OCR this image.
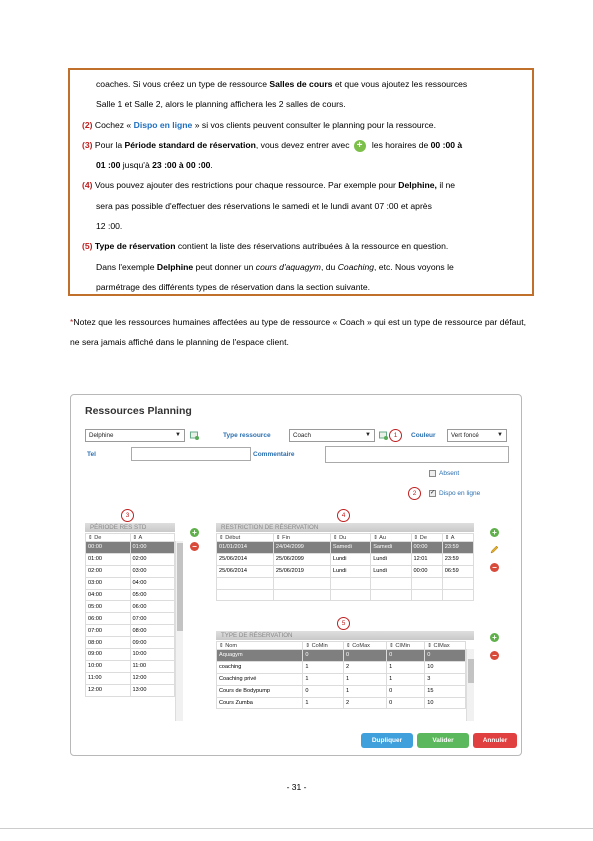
coaches. Si vous créez un type de ressource Salles de cours et que vous ajoutez les ressources

Salle 1 et Salle 2, alors le planning affichera les 2 salles de cours.

(2) Cochez « Dispo en ligne » si vos clients peuvent consulter le planning pour la ressource.

(3) Pour la Période standard de réservation, vous devez entrer avec + les horaires de 00 :00 à

01 :00 jusqu'à 23 :00 à 00 :00.

(4) Vous pouvez ajouter des restrictions pour chaque ressource. Par exemple pour Delphine, il ne

sera pas possible d'effectuer des réservations le samedi et le lundi avant 07 :00 et après

12 :00.

(5) Type de réservation contient la liste des réservations autribuées à la ressource en question.

Dans l'exemple Delphine peut donner un cours d'aquagym, du Coaching, etc. Nous voyons le

parmétrage des différents types de réservation dans la section suivante.

*Notez que les ressources humaines affectées au type de ressource « Coach » qui est un type de ressource par défaut, ne sera jamais affiché dans le planning de l'espace client.
Ressources Planning
Delphine	▼	Type ressource	Coach	▼	1	Couleur	Vert foncé	▼
Tel	Commentaire
Absent
2	✓ Dispo en ligne
3	4
PÉRIODE RES STD
⇕ De	⇕ A
00:00	01:00
01:00	02:00
02:00	03:00
03:00	04:00
04:00	05:00
05:00	06:00
06:00	07:00
07:00	08:00
08:00	09:00
09:00	10:00
10:00	11:00
11:00	12:00
12:00	13:00
+
−
RESTRICTION DE RÉSERVATION
⇕ Début	⇕ Fin	⇕ Du	⇕ Au	⇕ De	⇕ A
01/01/2014	24/04/2099	Samedi	Samedi	00:00	23:59
25/06/2014	25/06/2099	Lundi	Lundi	12:01	23:59
25/06/2014	25/06/2019	Lundi	Lundi	00:00	06:59

+
−
5
TYPE DE RÉSERVATION
⇕ Nom	⇕ CoMin	⇕ CoMax	⇕ CIMin	⇕ CIMax
Aquagym	0	0	0	0
coaching	1	2	1	10
Coaching privé	1	1	1	3
Cours de Bodypump	0	1	0	15
Cours Zumba	1	2	0	10
+
−
Dupliquer	Valider	Annuler
- 31 -
